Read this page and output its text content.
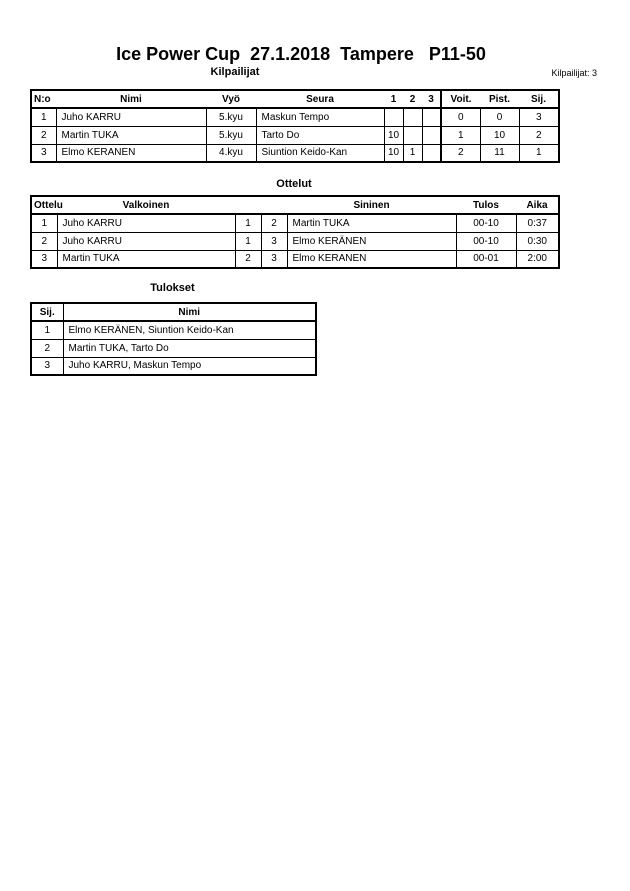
Ice Power Cup  27.1.2018  Tampere   P11-50
Kilpailijat	Kilpailijat: 3
N:o	Nimi	Vyö	Seura	1	2	3	Voit.	Pist.	Sij.
1	Juho KARRU	5.kyu	Maskun Tempo				0	0	3
2	Martin TUKA	5.kyu	Tarto Do	10			1	10	2
3	Elmo KERANEN	4.kyu	Siuntion Keido-Kan	10	1		2	11	1
Ottelut
Ottelu	Valkoinen			Sininen	Tulos	Aika
1	Juho KARRU	1	2	Martin TUKA	00-10	0:37
2	Juho KARRU	1	3	Elmo KERÄNEN	00-10	0:30
3	Martin TUKA	2	3	Elmo KERANEN	00-01	2:00
Tulokset
Sij.	Nimi
1	Elmo KERÄNEN, Siuntion Keido-Kan
2	Martin TUKA, Tarto Do
3	Juho KARRU, Maskun Tempo
